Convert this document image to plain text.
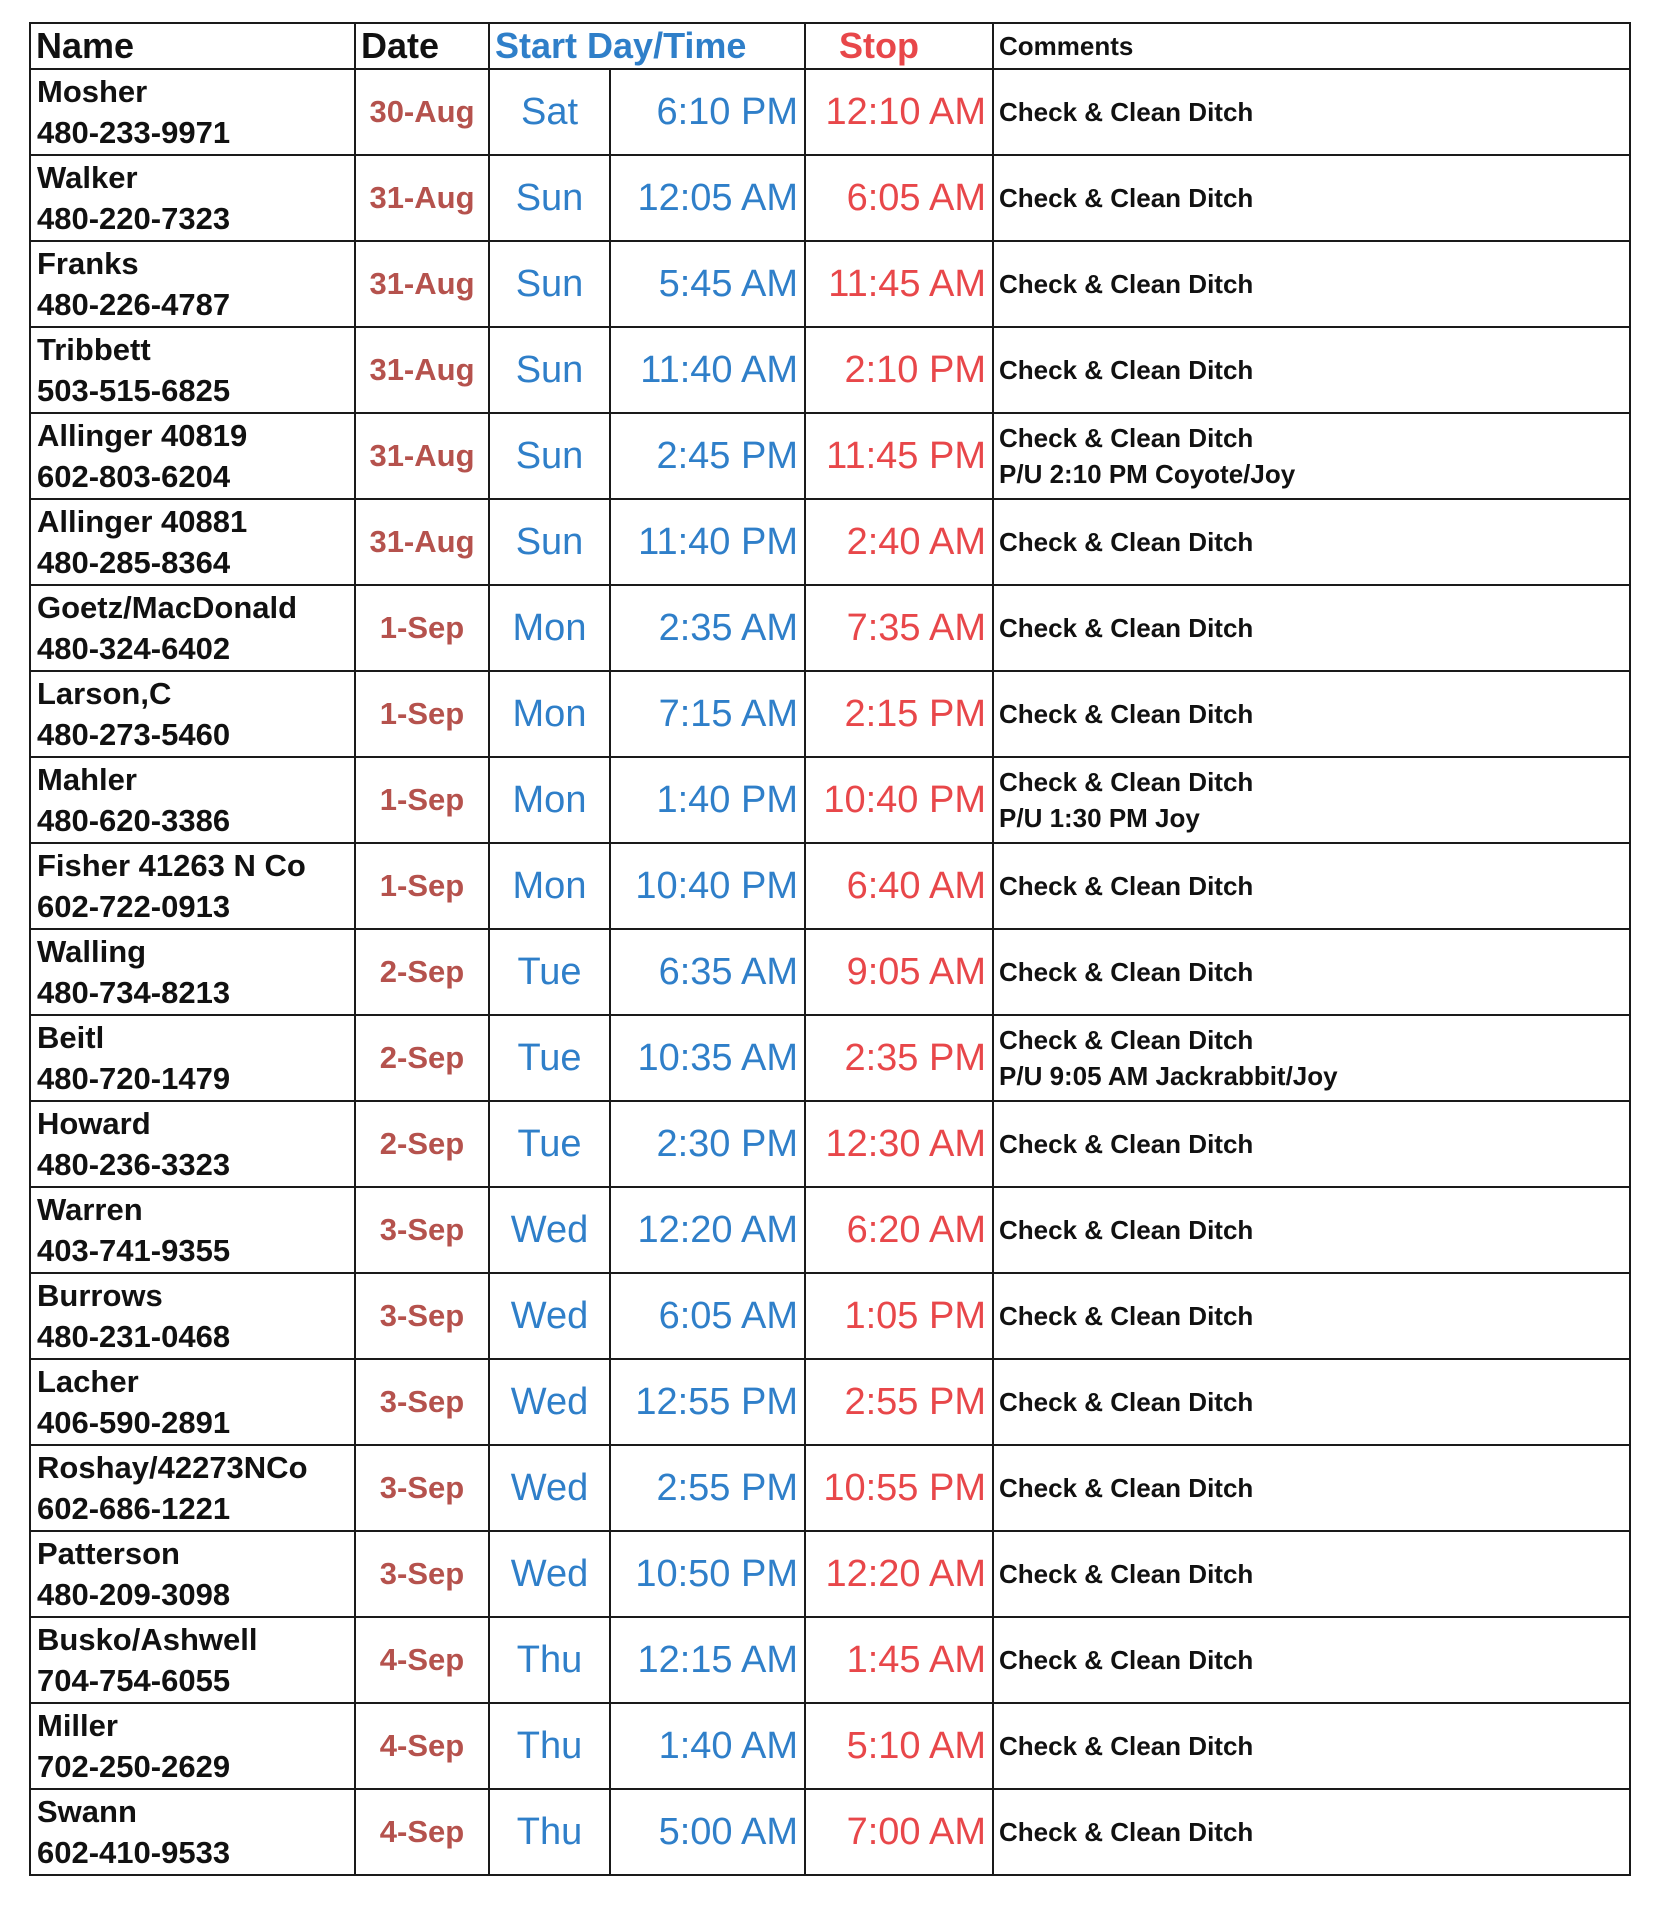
Name	Date	Start Day/Time		Stop	Comments

Mosher
480-233-9971	30-Aug	Sat	6:10 PM	12:10 AM	Check & Clean Ditch

Walker
480-220-7323	31-Aug	Sun	12:05 AM	6:05 AM	Check & Clean Ditch

Franks
480-226-4787	31-Aug	Sun	5:45 AM	11:45 AM	Check & Clean Ditch

Tribbett
503-515-6825	31-Aug	Sun	11:40 AM	2:10 PM	Check & Clean Ditch

Allinger 40819
602-803-6204	31-Aug	Sun	2:45 PM	11:45 PM	Check & Clean Ditch
P/U 2:10 PM Coyote/Joy

Allinger 40881
480-285-8364	31-Aug	Sun	11:40 PM	2:40 AM	Check & Clean Ditch

Goetz/MacDonald
480-324-6402	1-Sep	Mon	2:35 AM	7:35 AM	Check & Clean Ditch

Larson,C
480-273-5460	1-Sep	Mon	7:15 AM	2:15 PM	Check & Clean Ditch

Mahler
480-620-3386	1-Sep	Mon	1:40 PM	10:40 PM	Check & Clean Ditch
P/U 1:30 PM Joy

Fisher 41263 N Co
602-722-0913	1-Sep	Mon	10:40 PM	6:40 AM	Check & Clean Ditch

Walling
480-734-8213	2-Sep	Tue	6:35 AM	9:05 AM	Check & Clean Ditch

Beitl
480-720-1479	2-Sep	Tue	10:35 AM	2:35 PM	Check & Clean Ditch
P/U 9:05 AM Jackrabbit/Joy

Howard
480-236-3323	2-Sep	Tue	2:30 PM	12:30 AM	Check & Clean Ditch

Warren
403-741-9355	3-Sep	Wed	12:20 AM	6:20 AM	Check & Clean Ditch

Burrows
480-231-0468	3-Sep	Wed	6:05 AM	1:05 PM	Check & Clean Ditch

Lacher
406-590-2891	3-Sep	Wed	12:55 PM	2:55 PM	Check & Clean Ditch

Roshay/42273NCo
602-686-1221	3-Sep	Wed	2:55 PM	10:55 PM	Check & Clean Ditch

Patterson
480-209-3098	3-Sep	Wed	10:50 PM	12:20 AM	Check & Clean Ditch

Busko/Ashwell
704-754-6055	4-Sep	Thu	12:15 AM	1:45 AM	Check & Clean Ditch

Miller
702-250-2629	4-Sep	Thu	1:40 AM	5:10 AM	Check & Clean Ditch

Swann
602-410-9533	4-Sep	Thu	5:00 AM	7:00 AM	Check & Clean Ditch
